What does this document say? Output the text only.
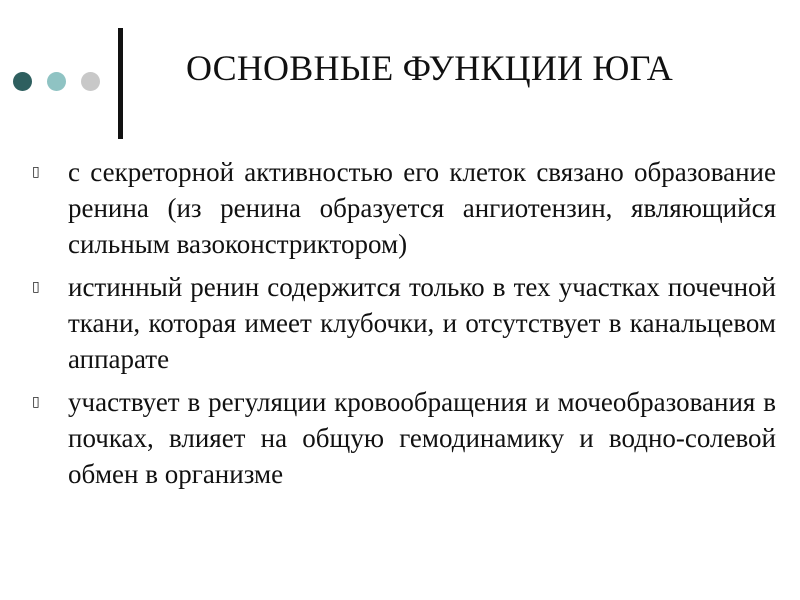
ОСНОВНЫЕ ФУНКЦИИ ЮГА
▯	с секреторной активностью его клеток связано образование ренина (из ренина образуется ангиотензин, являющийся сильным вазоконстриктором)
▯	истинный ренин содержится только в тех участках почечной ткани, которая имеет клубочки, и отсутствует в канальцевом аппарате
▯	участвует в регуляции кровообращения и мочеобразования в почках, влияет на общую гемодинамику и водно-солевой обмен в организме
